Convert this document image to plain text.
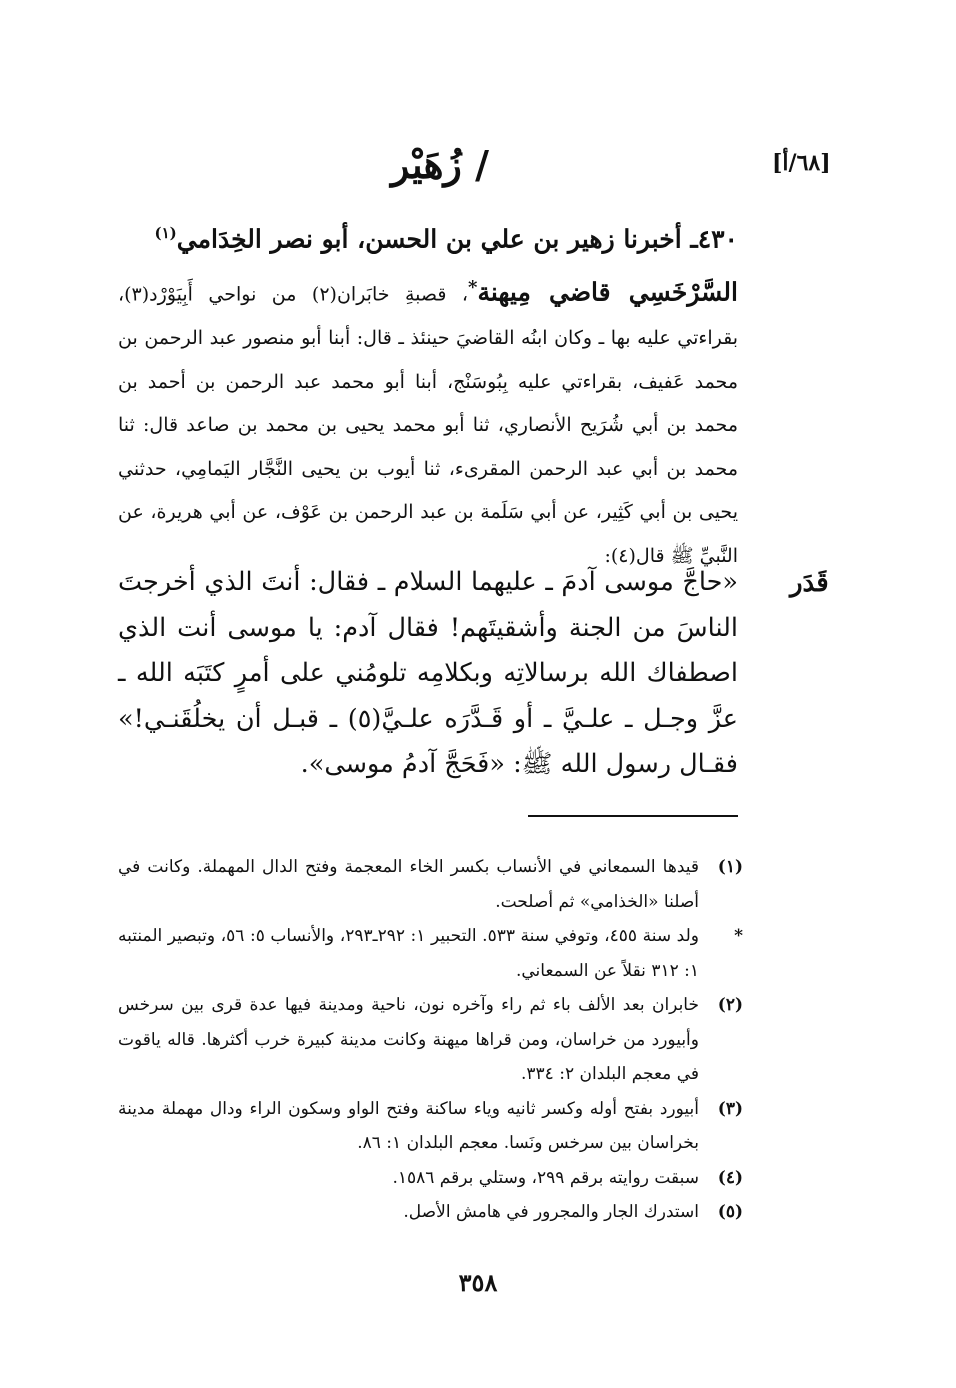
[٦٨/أ]
/ زُهَيْر
٤٣٠ـ أخبرنا زهير بن علي بن الحسن، أبو نصر الخِدَامي$^{(١)}$
السَّرْخَسِي قاضي مِيهنة*، قصبةِ خابَران(٢) من نواحي أَبِيَوْرْد(٣)، بقراءتي عليه بها ـ وكان ابنُه القاضيَ حينئذ ـ قال: أبنا أبو منصور عبد الرحمن بن محمد عَفيف، بقراءتي عليه بِبُوسَنْج، أبنا أبو محمد عبد الرحمن بن أحمد بن محمد بن أبي شُرَيح الأنصاري، ثنا أبو محمد يحيى بن محمد بن صاعد قال: ثنا محمد بن أبي عبد الرحمن المقرىء، ثنا أيوب بن يحيى النَّجَّار اليَمامِي، حدثني يحيى بن أبي كَثِير، عن أبي سَلَمة بن عبد الرحمن بن عَوْف، عن أبي هريرة، عن النَّبيِّ ﷺ قال(٤):
قَدَر
«حاجَّ موسى آدمَ ـ عليهما السلام ـ فقال: أنتَ الذي أخرجتَ الناسَ من الجنة وأشقيتَهم! فقال آدم: يا موسى أنت الذي اصطفاك الله برسالاتِه وبكلامِه تلومُني على أمرٍ كتَبَه الله ـ عزَّ وجـل ـ علـيَّ ـ أو قَـدَّرَه علـيَّ(٥) ـ قبـل أن يخلُقَنـي!» فقـال رسول الله ﷺ: «فَحَجَّ آدمُ موسى».
(١)
قيدها السمعاني في الأنساب بكسر الخاء المعجمة وفتح الدال المهملة. وكانت في أصلنا «الخذامي» ثم أصلحت.
*
ولد سنة ٤٥٥، وتوفي سنة ٥٣٣. التحبير ١: ٢٩٢ـ٢٩٣، والأنساب ٥: ٥٦، وتبصير المنتبه ١: ٣١٢ نقلاً عن السمعاني.
(٢)
خابران بعد الألف باء ثم راء وآخره نون، ناحية ومدينة فيها عدة قرى بين سرخس وأبيورد من خراسان، ومن قراها ميهنة وكانت مدينة كبيرة خرب أكثرها. قاله ياقوت في معجم البلدان ٢: ٣٣٤.
(٣)
أبيورد بفتح أوله وكسر ثانيه وياء ساكنة وفتح الواو وسكون الراء ودال مهملة مدينة بخراسان بين سرخس ونَسا. معجم البلدان ١: ٨٦.
(٤)
سبقت روايته برقم ٢٩٩، وستلي برقم ١٥٨٦.
(٥)
استدرك الجار والمجرور في هامش الأصل.
٣٥٨
